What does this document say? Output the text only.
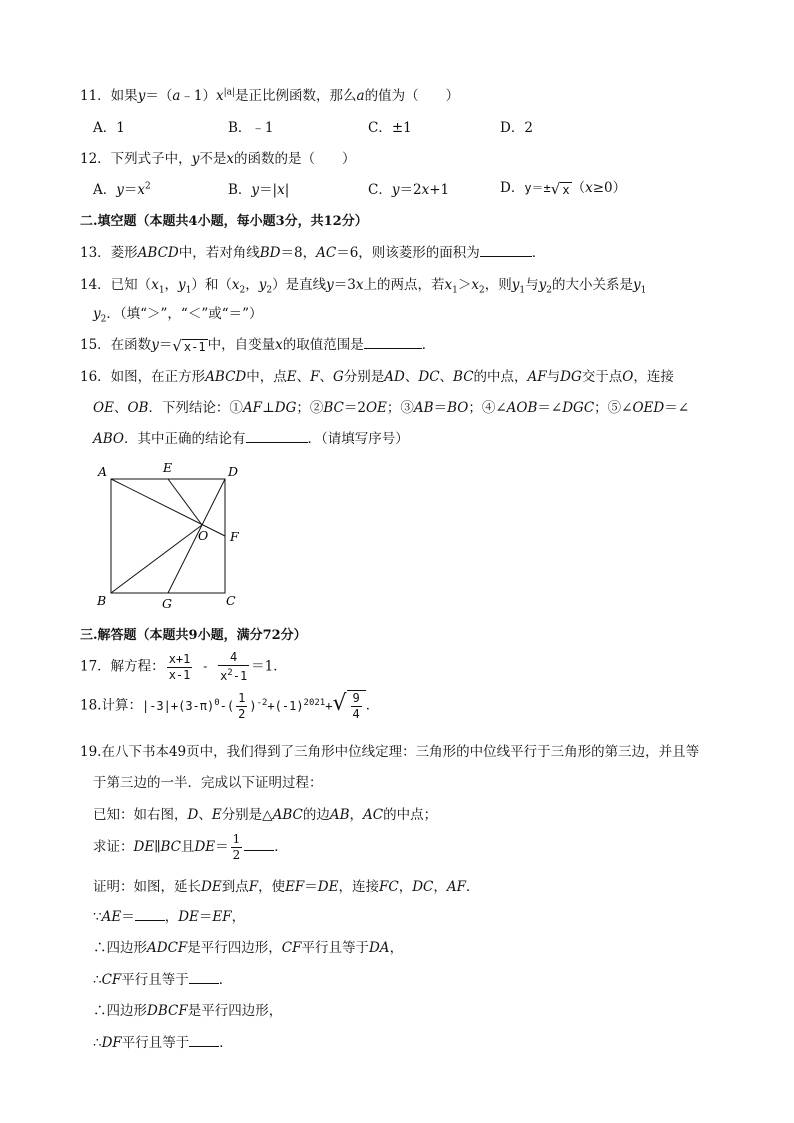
11．如果$y=(a﹣1)x^{|a|}$是正比例函数，那么a的值为（　　）
A．1	B．﹣1	C．±1	D．2
12．下列式子中，y不是x的函数的是（　　）
A．$y=x^2$	B．y＝|x|	C．y＝2x+1	D．y＝±√ x （x≥0）
二.填空题（本题共4小题，每小题3分，共12分）
13．菱形ABCD中，若对角线BD＝8，AC＝6，则该菱形的面积为	．
14．已知（$x_1$，$y_1$）和（$x_2$，$y_2$）是直线y＝3x上的两点，若$x_1>x_2$，则$y_1$与$y_2$的大小关系是$y_1$
$y_2$．（填“＞”，“＜”或“＝”）
15．在函数y＝√ x-1 中，自变量x的取值范围是	．
16．如图，在正方形ABCD中，点E、F、G分别是AD、DC、BC的中点，AF与DG交于点O，连接
OE、OB．下列结论：①AF⊥DG；②BC＝2OE；③AB＝BO；④∠AOB＝∠DGC；⑤∠OED＝∠
ABO．其中正确的结论有	．（请填写序号）
A	E	D
O F
B	G	C
三.解答题（本题共9小题，满分72分）
17．解方程： $\frac{x+1}{x-1} - \frac{4}{x^2-1} =1$．
18.计算：$|-3|+(3-\pi)^0-( \frac{1}{2} )^{-2}+(-1)^{2021}+√ \frac{9}{4}$ ．
19.在八下书本49页中，我们得到了三角形中位线定理：三角形的中位线平行于三角形的第三边，并且等
于第三边的一半．完成以下证明过程：
已知：如右图，D、E分别是△ABC的边AB，AC的中点；
求证：DE∥BC且$DE= \frac{1}{2}$ ．
证明：如图，延长DE到点F，使EF＝DE，连接FC，DC，AF．
∵AE＝ ，DE＝EF，
∴四边形ADCF是平行四边形，CF平行且等于DA，
∴CF平行且等于 ．
∴四边形DBCF是平行四边形，
∴DF平行且等于 ．
